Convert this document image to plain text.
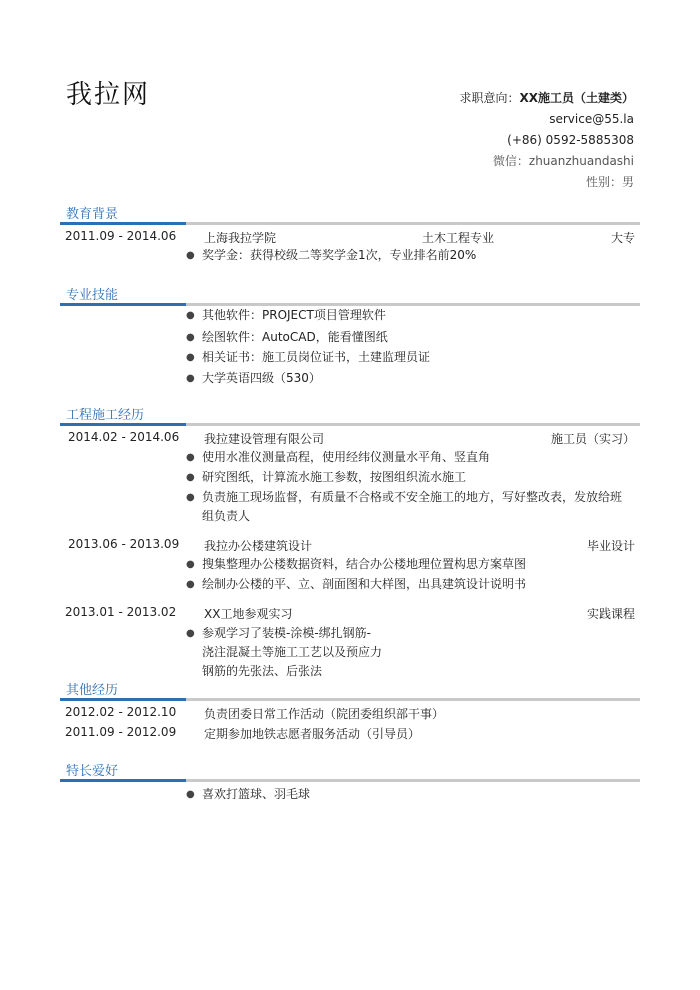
我拉网	求职意向：XX施工员（土建类）
service@55.la
(+86) 0592-5885308
微信：zhuanzhuandashi
性别：男
教育背景
2011.09 - 2014.06 上海我拉学院	土木工程专业	大专
● 奖学金：获得校级二等奖学金1次，专业排名前20%
专业技能
● 其他软件：PROJECT项目管理软件
● 绘图软件：AutoCAD，能看懂图纸
● 相关证书：施工员岗位证书，土建监理员证
● 大学英语四级（530）
工程施工经历
2014.02 - 2014.06 我拉建设管理有限公司	施工员（实习）
● 使用水准仪测量高程，使用经纬仪测量水平角、竖直角
● 研究图纸，计算流水施工参数，按图组织流水施工
● 负责施工现场监督，有质量不合格或不安全施工的地方，写好整改表，发放给班组负责人
2013.06 - 2013.09 我拉办公楼建筑设计	毕业设计
● 搜集整理办公楼数据资料，结合办公楼地理位置构思方案草图
● 绘制办公楼的平、立、剖面图和大样图，出具建筑设计说明书
2013.01 - 2013.02 XX工地参观实习	实践课程
● 参观学习了装模-涂模-绑扎钢筋-浇注混凝土等施工工艺以及预应力钢筋的先张法、后张法
其他经历
2012.02 - 2012.10 负责团委日常工作活动（院团委组织部干事）
2011.09 - 2012.09 定期参加地铁志愿者服务活动（引导员）
特长爱好
● 喜欢打篮球、羽毛球
